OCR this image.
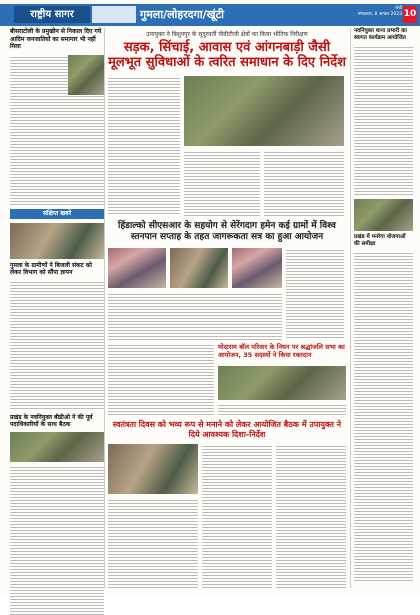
राष्ट्रीय सागर	गुमला/लोहरदगा/खूंटी	रांची
मंगलवार, 8 अगस्त 2023 10
बीसराटोली के प्रमुखीन से निकाल दिए गये आदिम जनजातियों का समान्तर भी नहीं मिला
संक्षिप्त खबरें
गुमला के ग्रामीणों ने बिजली संकट को लेकर विभाग को सौंपा ज्ञापन
प्रखंड के नवनियुक्त बीडीओ ने की पूर्व पदाधिकारियों के साथ बैठक
उपायुक्त ने बिशुनपुर के सुदूरवर्ती पीवीटीजी क्षेत्रों का किया भौतिक निरीक्षण
सड़क, सिंचाई, आवास एवं आंगनबाड़ी जैसी मूलभूत सुविधाओं के त्वरित समाधान के दिए निर्देश
हिंडाल्को सीएसआर के सहयोग से सेरेंगदाग हमेन कई ग्रामों में विश्व स्तनपान सप्ताह के तहत जागरूकता सत्र का हुआ आयोजन
मोदाराम बॉल परिवार के निधन पर श्रद्धांजलि सभा का आयोजन, 35 सदस्यों ने किया रक्तदान
स्वतंत्रता दिवस को भव्य रूप से मनाने को लेकर आयोजित बैठक में उपायुक्त ने दिये आवश्यक दिशा-निर्देश
नवनियुक्त थाना प्रभारी का स्वागत कार्यक्रम आयोजित
प्रखंड में मनरेगा योजनाओं की समीक्षा
